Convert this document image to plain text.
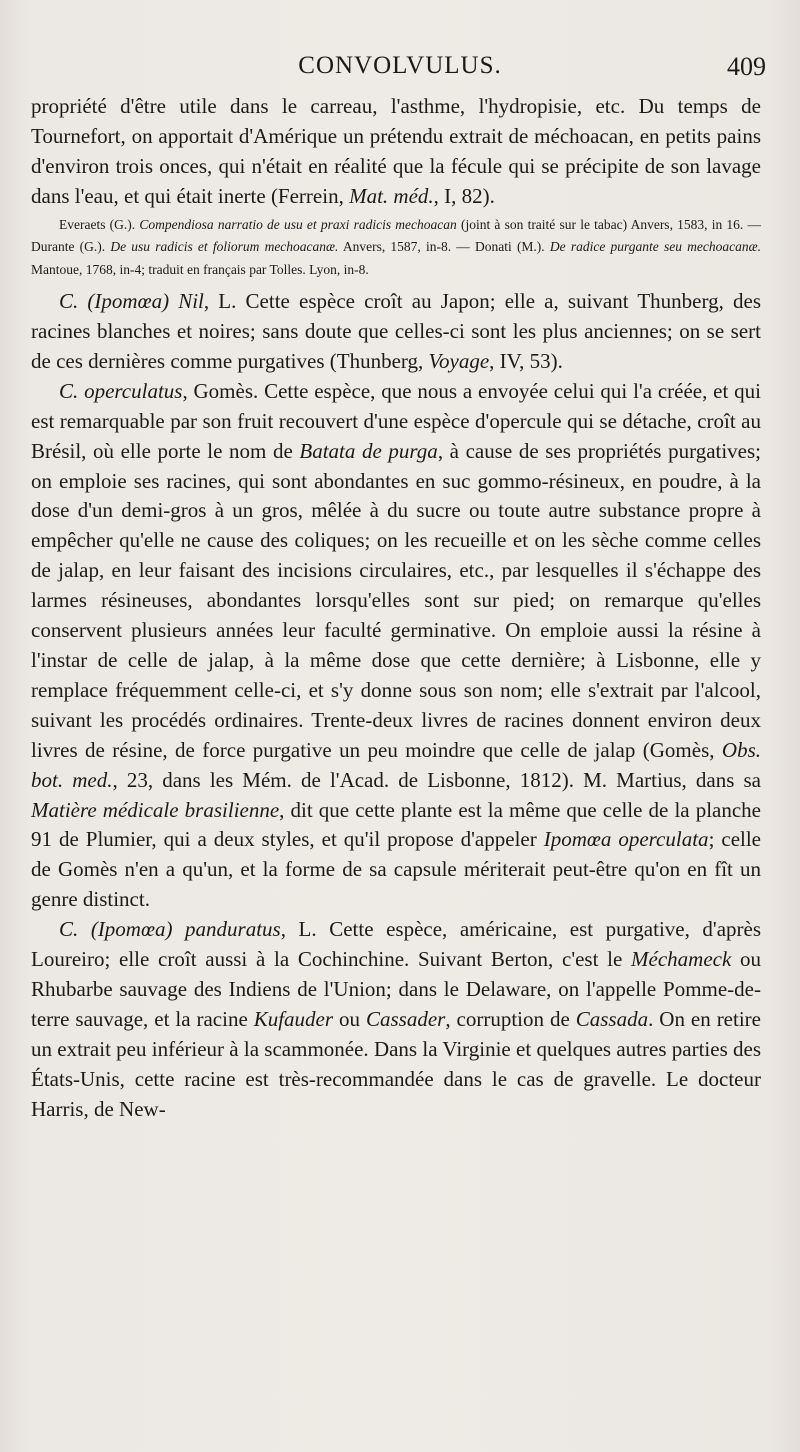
CONVOLVULUS.	409

propriété d'être utile dans le carreau, l'asthme, l'hydropisie, etc. Du temps de Tournefort, on apportait d'Amérique un prétendu extrait de méchoacan, en petits pains d'environ trois onces, qui n'était en réalité que la fécule qui se précipite de son lavage dans l'eau, et qui était inerte (Ferrein, Mat. méd., I, 82).

Everaets (G.). Compendiosa narratio de usu et praxi radicis mechoacan (joint à son traité sur le tabac) Anvers, 1583, in 16. — Durante (G.). De usu radicis et foliorum mechoacanæ. Anvers, 1587, in-8. — Donati (M.). De radice purgante seu mechoacanæ. Mantoue, 1768, in-4; traduit en français par Tolles. Lyon, in-8.

C. (Ipomœa) Nil, L. Cette espèce croît au Japon; elle a, suivant Thunberg, des racines blanches et noires; sans doute que celles-ci sont les plus anciennes; on se sert de ces dernières comme purgatives (Thunberg, Voyage, IV, 53).

C. operculatus, Gomès. Cette espèce, que nous a envoyée celui qui l'a créée, et qui est remarquable par son fruit recouvert d'une espèce d'opercule qui se détache, croît au Brésil, où elle porte le nom de Batata de purga, à cause de ses propriétés purgatives; on emploie ses racines, qui sont abondantes en suc gommo-résineux, en poudre, à la dose d'un demi-gros à un gros, mêlée à du sucre ou toute autre substance propre à empêcher qu'elle ne cause des coliques; on les recueille et on les sèche comme celles de jalap, en leur faisant des incisions circulaires, etc., par lesquelles il s'échappe des larmes résineuses, abondantes lorsqu'elles sont sur pied; on remarque qu'elles conservent plusieurs années leur faculté germinative. On emploie aussi la résine à l'instar de celle de jalap, à la même dose que cette dernière; à Lisbonne, elle y remplace fréquemment celle-ci, et s'y donne sous son nom; elle s'extrait par l'alcool, suivant les procédés ordinaires. Trente-deux livres de racines donnent environ deux livres de résine, de force purgative un peu moindre que celle de jalap (Gomès, Obs. bot. med., 23, dans les Mém. de l'Acad. de Lisbonne, 1812). M. Martius, dans sa Matière médicale brasilienne, dit que cette plante est la même que celle de la planche 91 de Plumier, qui a deux styles, et qu'il propose d'appeler Ipomœa operculata; celle de Gomès n'en a qu'un, et la forme de sa capsule mériterait peut-être qu'on en fît un genre distinct.

C. (Ipomœa) panduratus, L. Cette espèce, américaine, est purgative, d'après Loureiro; elle croît aussi à la Cochinchine. Suivant Berton, c'est le Méchameck ou Rhubarbe sauvage des Indiens de l'Union; dans le Delaware, on l'appelle Pomme-de-terre sauvage, et la racine Kufauder ou Cassader, corruption de Cassada. On en retire un extrait peu inférieur à la scammonée. Dans la Virginie et quelques autres parties des États-Unis, cette racine est très-recommandée dans le cas de gravelle. Le docteur Harris, de New-
